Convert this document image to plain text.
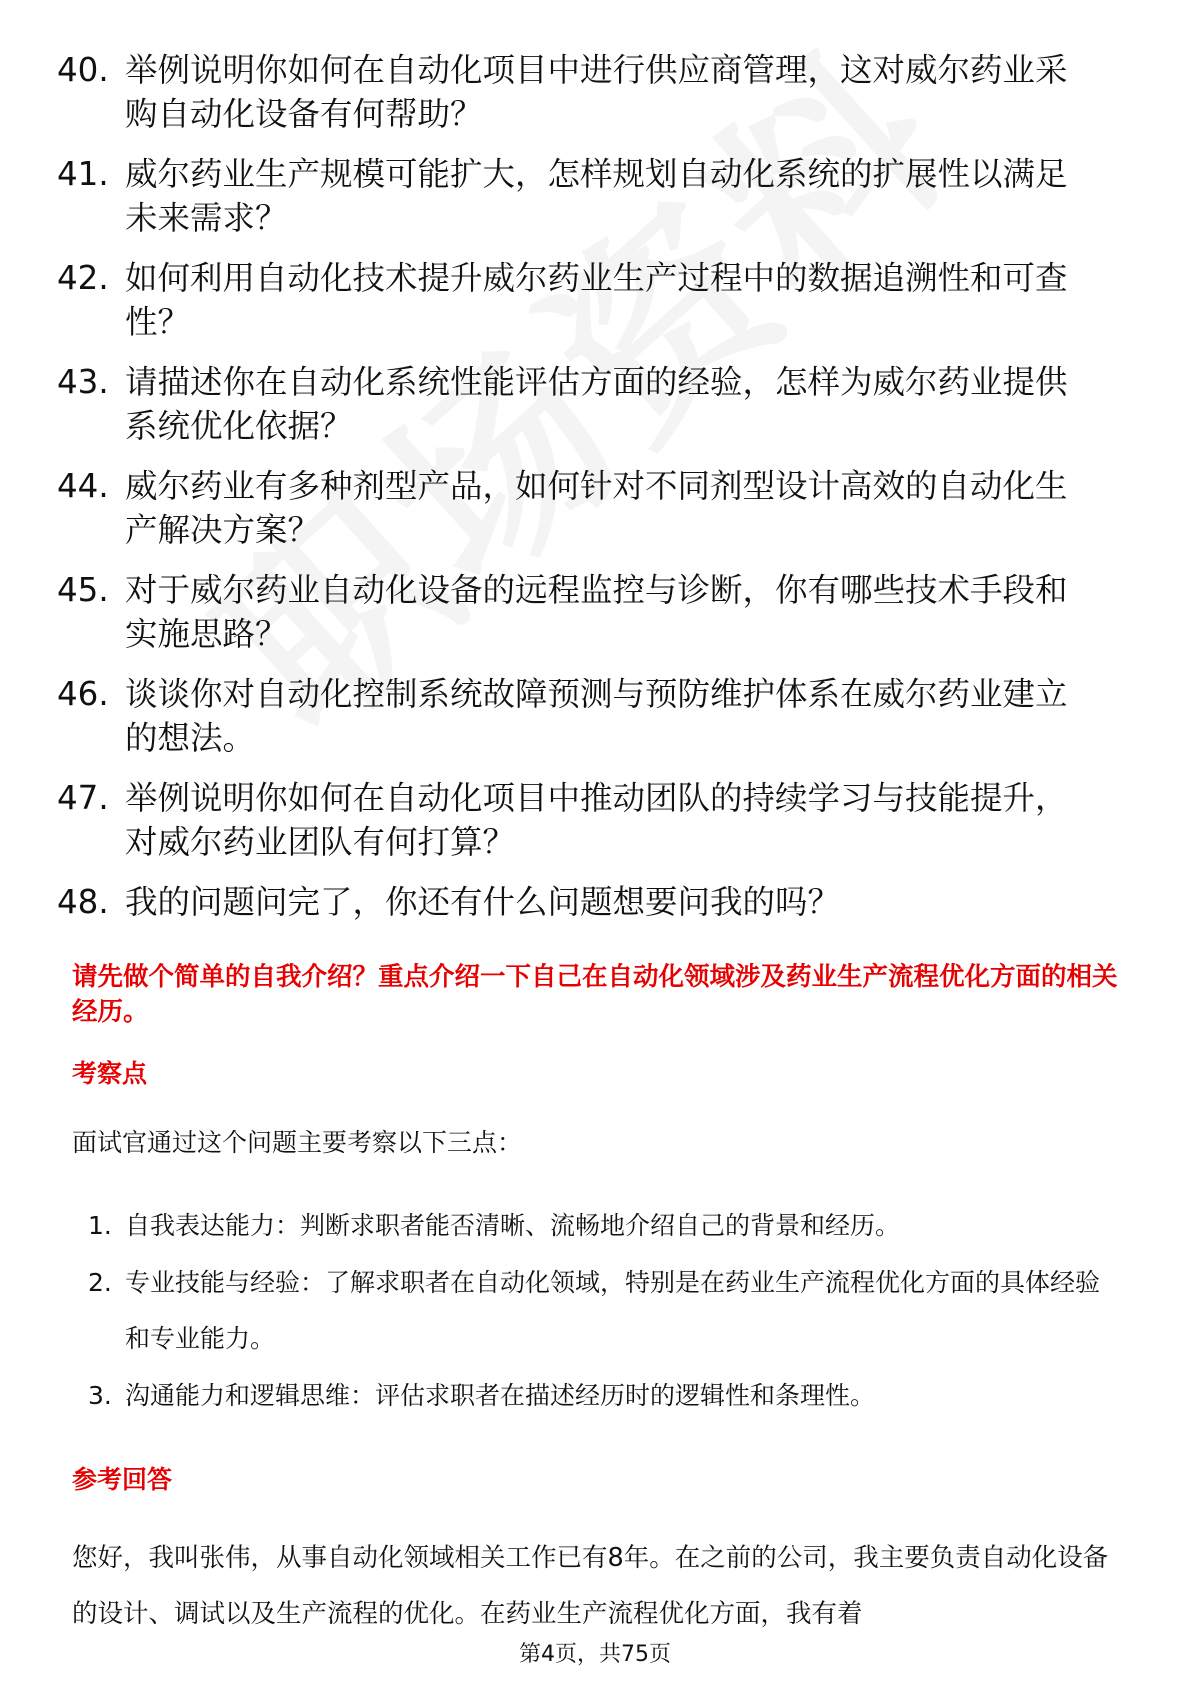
40. 举例说明你如何在自动化项目中进行供应商管理，这对威尔药业采购自动化设备有何帮助？
41. 威尔药业生产规模可能扩大，怎样规划自动化系统的扩展性以满足未来需求？
42. 如何利用自动化技术提升威尔药业生产过程中的数据追溯性和可查性？
43. 请描述你在自动化系统性能评估方面的经验，怎样为威尔药业提供系统优化依据？
44. 威尔药业有多种剂型产品，如何针对不同剂型设计高效的自动化生产解决方案？
45. 对于威尔药业自动化设备的远程监控与诊断，你有哪些技术手段和实施思路？
46. 谈谈你对自动化控制系统故障预测与预防维护体系在威尔药业建立的想法。
47. 举例说明你如何在自动化项目中推动团队的持续学习与技能提升，对威尔药业团队有何打算？
48. 我的问题问完了，你还有什么问题想要问我的吗？
请先做个简单的自我介绍？重点介绍一下自己在自动化领域涉及药业生产流程优化方面的相关经历。
考察点
面试官通过这个问题主要考察以下三点：
1. 自我表达能力：判断求职者能否清晰、流畅地介绍自己的背景和经历。
2. 专业技能与经验：了解求职者在自动化领域，特别是在药业生产流程优化方面的具体经验和专业能力。
3. 沟通能力和逻辑思维：评估求职者在描述经历时的逻辑性和条理性。
参考回答
您好，我叫张伟，从事自动化领域相关工作已有8年。在之前的公司，我主要负责自动化设备的设计、调试以及生产流程的优化。在药业生产流程优化方面，我有着
第4页，共75页
